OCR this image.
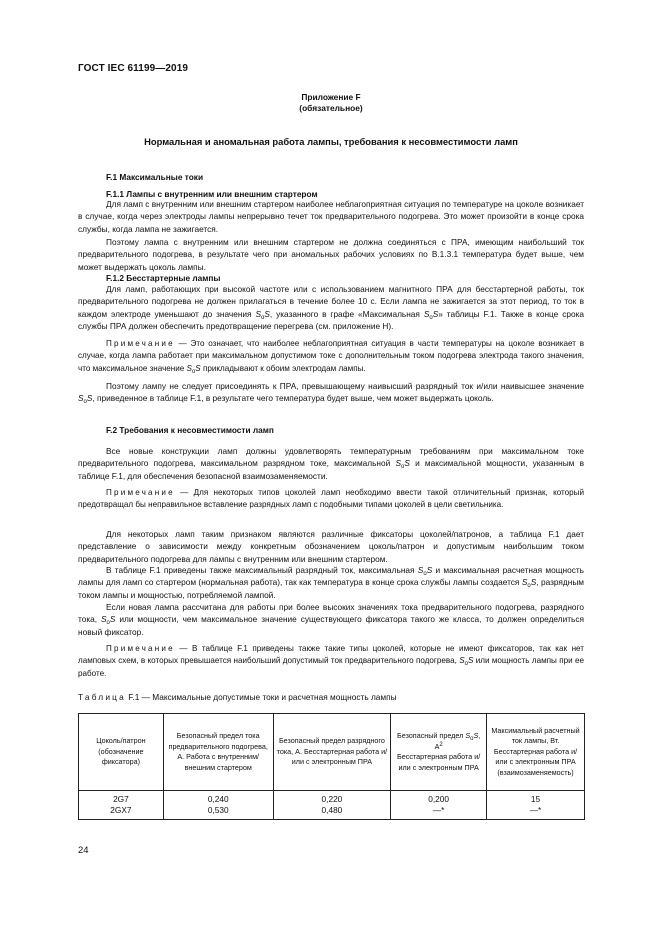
ГОСТ IEC 61199—2019
Приложение F
(обязательное)
Нормальная и аномальная работа лампы, требования к несовместимости ламп
F.1 Максимальные токи
F.1.1 Лампы с внутренним или внешним стартером
Для ламп с внутренним или внешним стартером наиболее неблагоприятная ситуация по температуре на цоколе возникает в случае, когда через электроды лампы непрерывно течет ток предварительного подогрева. Это может произойти в конце срока службы, когда лампа не зажигается.
Поэтому лампа с внутренним или внешним стартером не должна соединяться с ПРА, имеющим наибольший ток предварительного подогрева, в результате чего при аномальных рабочих условиях по В.1.3.1 температура будет выше, чем может выдержать цоколь лампы.
F.1.2 Бесстартерные лампы
Для ламп, работающих при высокой частоте или с использованием магнитного ПРА для бесстартерной работы, ток предварительного подогрева не должен прилагаться в течение более 10 с. Если лампа не зажигается за этот период, то ток в каждом электроде уменьшают до значения $S_oS$, указанного в графе «Максимальная $S_oS$» таблицы F.1. Также в конце срока службы ПРА должен обеспечить предотвращение перегрева (см. приложение Н).
Примечание — Это означает, что наиболее неблагоприятная ситуация в части температуры на цоколе возникает в случае, когда лампа работает при максимальном допустимом токе с дополнительным током подогрева электрода такого значения, что максимальное значение $S_oS$ прикладывают к обоим электродам лампы.
Поэтому лампу не следует присоединять к ПРА, превышающему наивысший разрядный ток и/или наивысшее значение $S_oS$, приведенное в таблице F.1, в результате чего температура будет выше, чем может выдержать цоколь.
F.2 Требования к несовместимости ламп
Все новые конструкции ламп должны удовлетворять температурным требованиям при максимальном токе предварительного подогрева, максимальном разрядном токе, максимальной $S_oS$ и максимальной мощности, указанным в таблице F.1, для обеспечения безопасной взаимозаменяемости.
Примечание — Для некоторых типов цоколей ламп необходимо ввести такой отличительный признак, который предотвращал бы неправильное вставление разрядных ламп с подобными типами цоколей в цели светильника.
Для некоторых ламп таким признаком являются различные фиксаторы цоколей/патронов, а таблица F.1 дает представление о зависимости между конкретным обозначением цоколь/патрон и допустимым наибольшим током предварительного подогрева для лампы с внутренним или внешним стартером.
В таблице F.1 приведены также максимальный разрядный ток, максимальная $S_oS$ и максимальная расчетная мощность лампы для ламп со стартером (нормальная работа), так как температура в конце срока службы лампы создается $S_oS$, разрядным током лампы и мощностью, потребляемой лампой.
Если новая лампа рассчитана для работы при более высоких значениях тока предварительного подогрева, разрядного тока, $S_oS$ или мощности, чем максимальное значение существующего фиксатора такого же класса, то должен определиться новый фиксатор.
Примечание — В таблице F.1 приведены также такие типы цоколей, которые не имеют фиксаторов, так как нет ламповых схем, в которых превышается наибольший допустимый ток предварительного подогрева, $S_oS$ или мощность лампы при ее работе.
Таблица F.1 — Максимальные допустимые токи и расчетная мощность лампы
Цоколь/патрон (обозначение фиксатора)	Безопасный предел тока предварительного подогрева, А. Работа с внутренним/внешним стартером	Безопасный предел разрядного тока, А. Бесстартерная работа и/или с электронным ПРА	Безопасный предел $S_oS$, $A^2$
Бесстартерная работа и/или с электронным ПРА	Максимальный расчетный ток лампы, Вт. Бесстартерная работа и/или с электронным ПРА (взаимозаменяемость)
2G7	0,240	0,220	0,200	15
2GX7	0,530	0,480	—*	—*
24
